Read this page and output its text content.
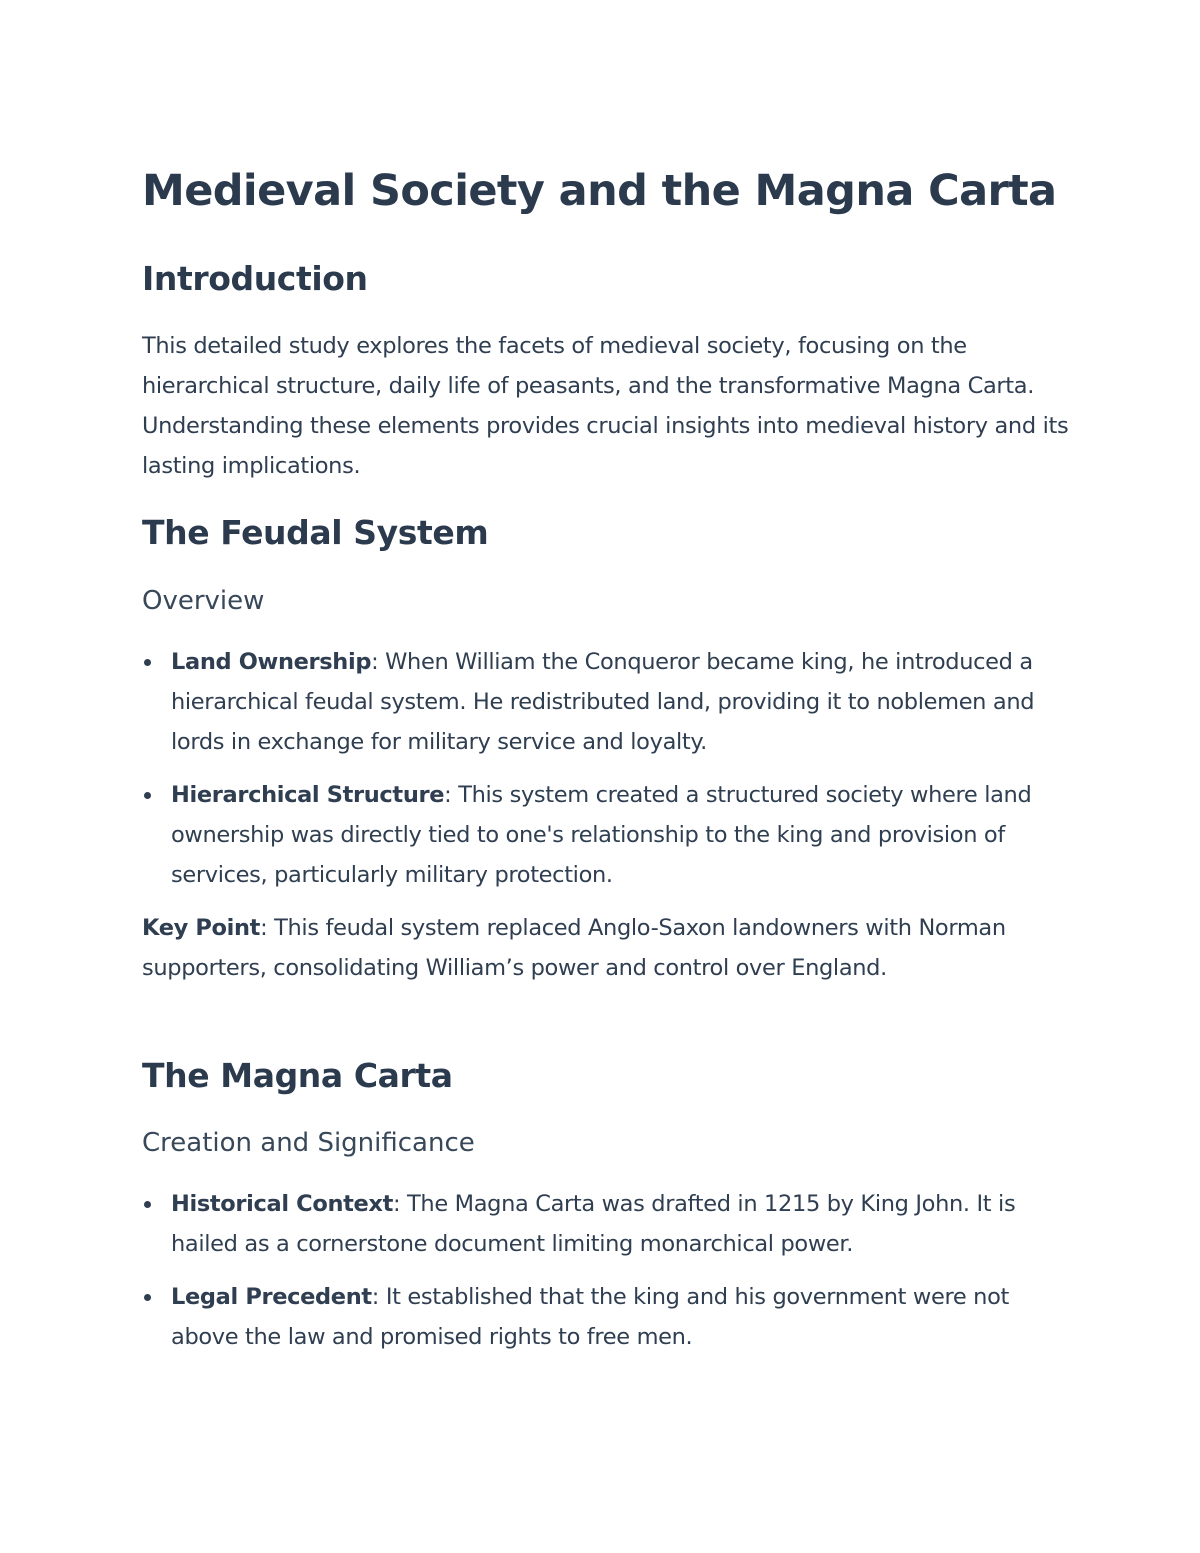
Medieval Society and the Magna Carta
Introduction

This detailed study explores the facets of medieval society, focusing on the hierarchical structure, daily life of peasants, and the transformative Magna Carta. Understanding these elements provides crucial insights into medieval history and its lasting implications.

The Feudal System
Overview
Land Ownership: When William the Conqueror became king, he introduced a hierarchical feudal system. He redistributed land, providing it to noblemen and lords in exchange for military service and loyalty.
Hierarchical Structure: This system created a structured society where land ownership was directly tied to one's relationship to the king and provision of services, particularly military protection.

Key Point: This feudal system replaced Anglo-Saxon landowners with Norman supporters, consolidating William’s power and control over England.

The Magna Carta
Creation and Significance
Historical Context: The Magna Carta was drafted in 1215 by King John. It is hailed as a cornerstone document limiting monarchical power.
Legal Precedent: It established that the king and his government were not above the law and promised rights to free men.
